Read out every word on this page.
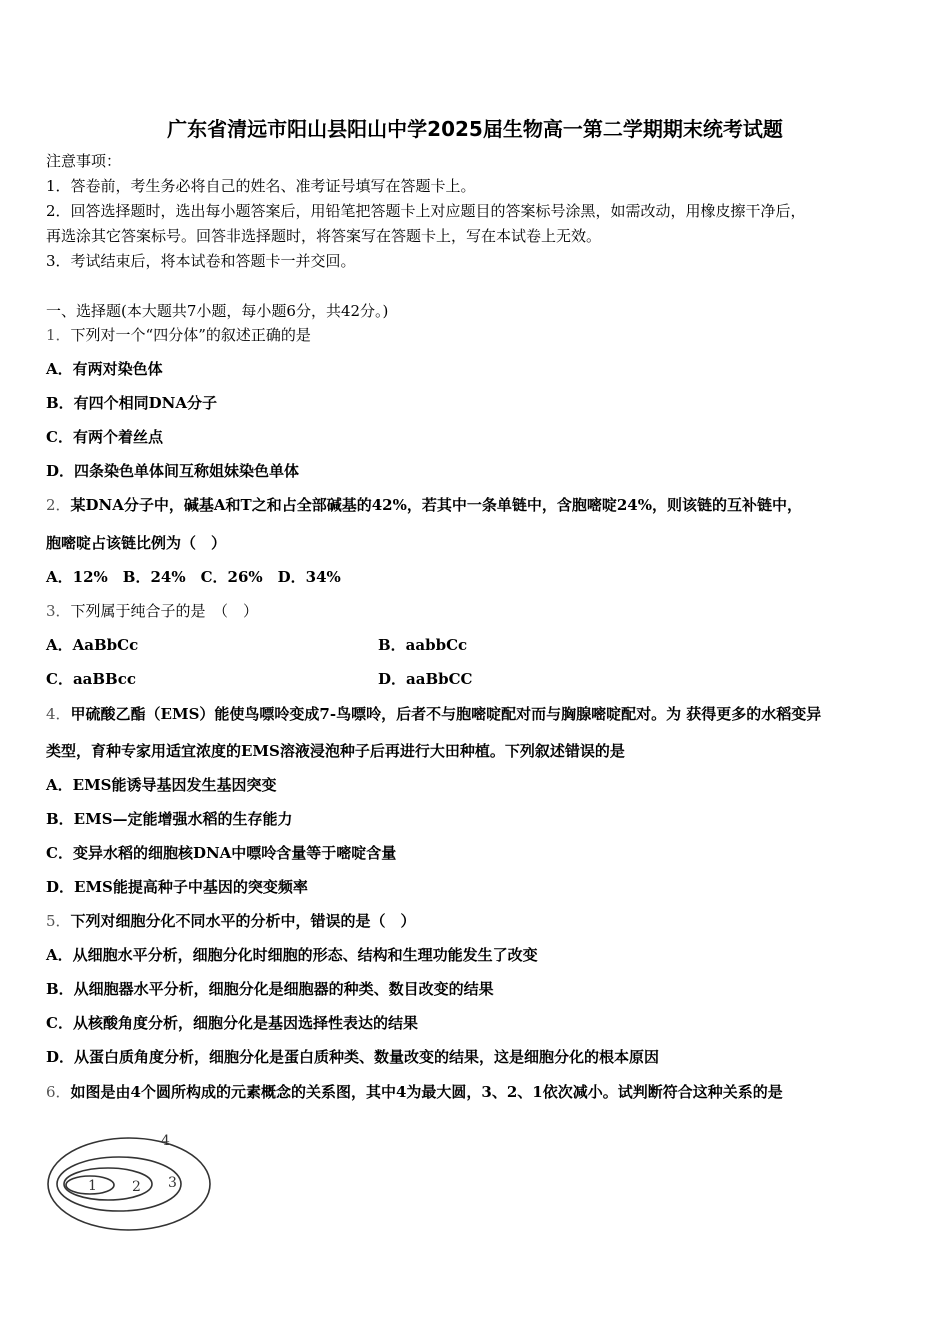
广东省清远市阳山县阳山中学2025届生物高一第二学期期末统考试题
注意事项：
1．答卷前，考生务必将自己的姓名、准考证号填写在答题卡上。
2．回答选择题时，选出每小题答案后，用铅笔把答题卡上对应题目的答案标号涂黑，如需改动，用橡皮擦干净后，
再选涂其它答案标号。回答非选择题时，将答案写在答题卡上，写在本试卷上无效。
3．考试结束后，将本试卷和答题卡一并交回。
一、选择题(本大题共7小题，每小题6分，共42分。)
1．下列对一个“四分体”的叙述正确的是
A．有两对染色体
B．有四个相同DNA分子
C．有两个着丝点
D．四条染色单体间互称姐妹染色单体
2．某DNA分子中，碱基A和T之和占全部碱基的42%，若其中一条单链中，含胞嘧啶24%，则该链的互补链中，
胞嘧啶占该链比例为（　）
A．12%　B．24%　C．26%　D．34%
3．下列属于纯合子的是　（　）
A．AaBbCc	B．aabbCc
C．aaBBcc	D．aaBbCC
4．甲硫酸乙酯（EMS）能使鸟嘌呤变成7-鸟嘌呤，后者不与胞嘧啶配对而与胸腺嘧啶配对。为 获得更多的水稻变异
类型，育种专家用适宜浓度的EMS溶液浸泡种子后再进行大田种植。下列叙述错误的是
A．EMS能诱导基因发生基因突变
B．EMS—定能增强水稻的生存能力
C．变异水稻的细胞核DNA中嘌呤含量等于嘧啶含量
D．EMS能提高种子中基因的突变频率
5．下列对细胞分化不同水平的分析中，错误的是（　）
A．从细胞水平分析，细胞分化时细胞的形态、结构和生理功能发生了改变
B．从细胞器水平分析，细胞分化是细胞器的种类、数目改变的结果
C．从核酸角度分析，细胞分化是基因选择性表达的结果
D．从蛋白质角度分析，细胞分化是蛋白质种类、数量改变的结果，这是细胞分化的根本原因
6．如图是由4个圆所构成的元素概念的关系图，其中4为最大圆，3、2、1依次减小。试判断符合这种关系的是
1	2 3
4
